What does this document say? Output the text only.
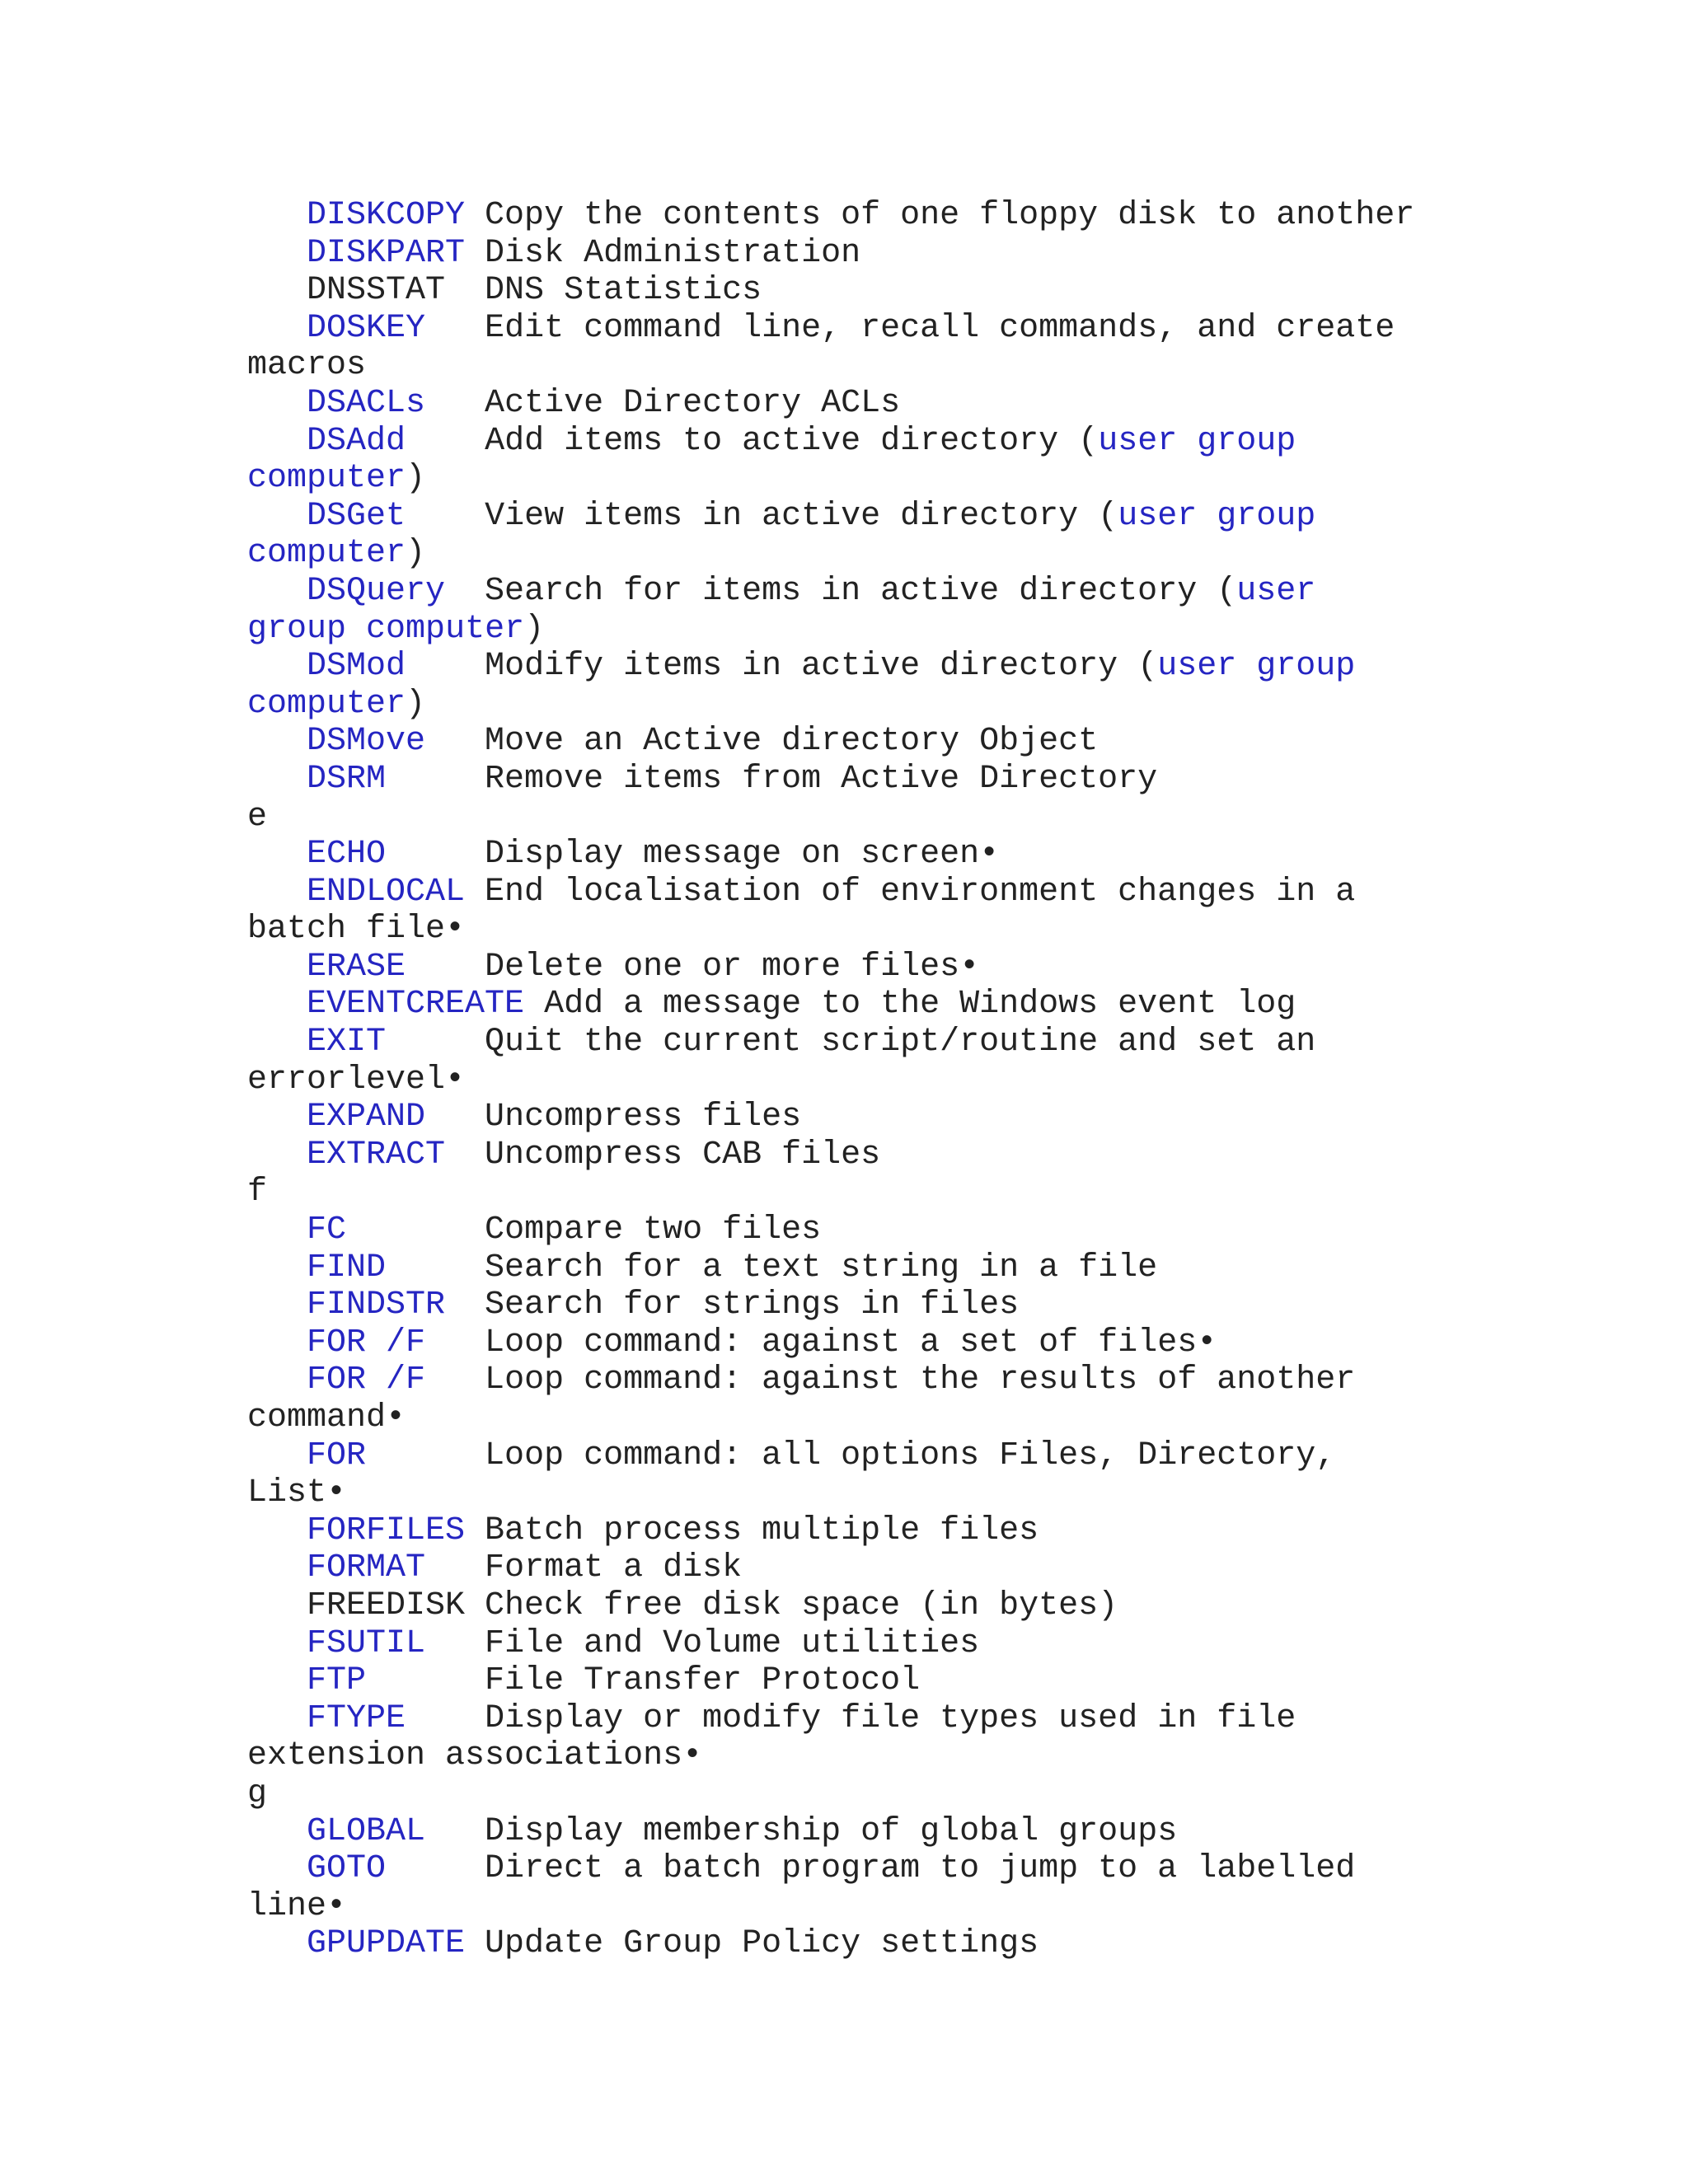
DISKCOPY Copy the contents of one floppy disk to another
DISKPART Disk Administration
DNSSTAT  DNS Statistics
DOSKEY   Edit command line, recall commands, and create
macros
DSACLs   Active Directory ACLs
DSAdd    Add items to active directory (user group
computer)
DSGet    View items in active directory (user group
computer)
DSQuery  Search for items in active directory (user
group computer)
DSMod    Modify items in active directory (user group
computer)
DSMove   Move an Active directory Object
DSRM     Remove items from Active Directory
e
ECHO     Display message on screen•
ENDLOCAL End localisation of environment changes in a
batch file•
ERASE    Delete one or more files•
EVENTCREATE Add a message to the Windows event log
EXIT     Quit the current script/routine and set an
errorlevel•
EXPAND   Uncompress files
EXTRACT  Uncompress CAB files
f
FC       Compare two files
FIND     Search for a text string in a file
FINDSTR  Search for strings in files
FOR /F   Loop command: against a set of files•
FOR /F   Loop command: against the results of another
command•
FOR      Loop command: all options Files, Directory,
List•
FORFILES Batch process multiple files
FORMAT   Format a disk
FREEDISK Check free disk space (in bytes)
FSUTIL   File and Volume utilities
FTP      File Transfer Protocol
FTYPE    Display or modify file types used in file
extension associations•
g
GLOBAL   Display membership of global groups
GOTO     Direct a batch program to jump to a labelled
line•
GPUPDATE Update Group Policy settings
